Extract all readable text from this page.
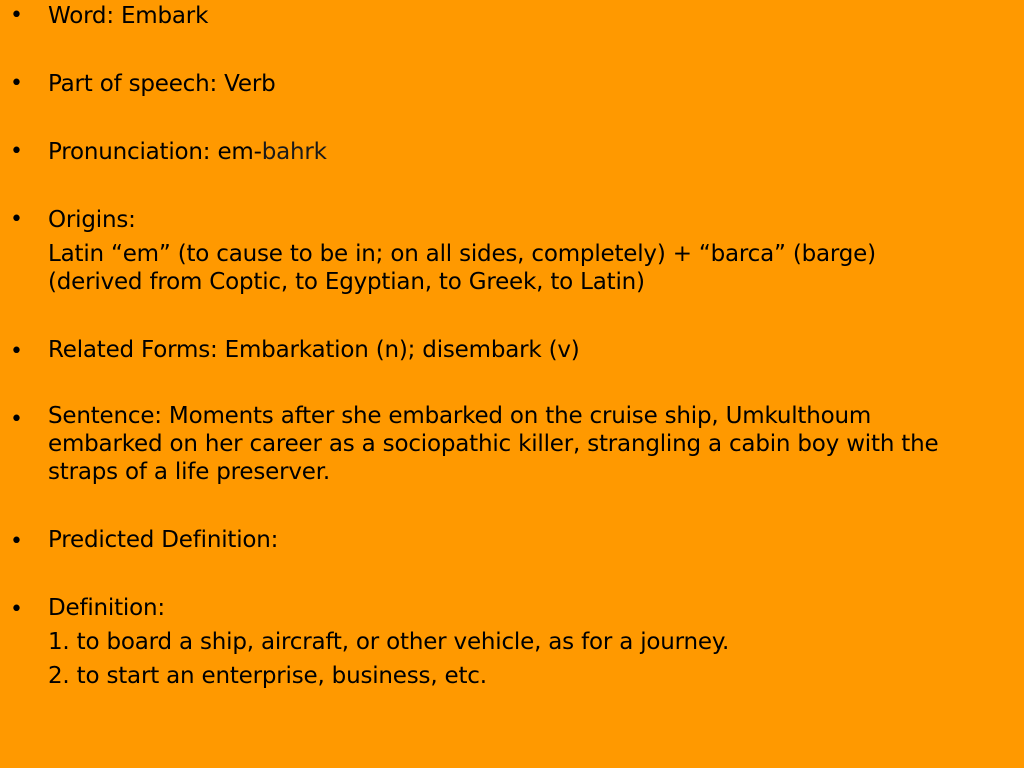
•	Word: Embark
•	Part of speech: Verb
•	Pronunciation: em-bahrk
•	Origins:
Latin “em” (to cause to be in; on all sides, completely) + “barca” (barge) (derived from Coptic, to Egyptian, to Greek, to Latin)
•	Related Forms: Embarkation (n); disembark (v)
•	Sentence: Moments after she embarked on the cruise ship, Umkulthoum embarked on her career as a sociopathic killer, strangling a cabin boy with the straps of a life preserver.
•	Predicted Definition:
•	Definition:
1. to board a ship, aircraft, or other vehicle, as for a journey.
2. to start an enterprise, business, etc.
